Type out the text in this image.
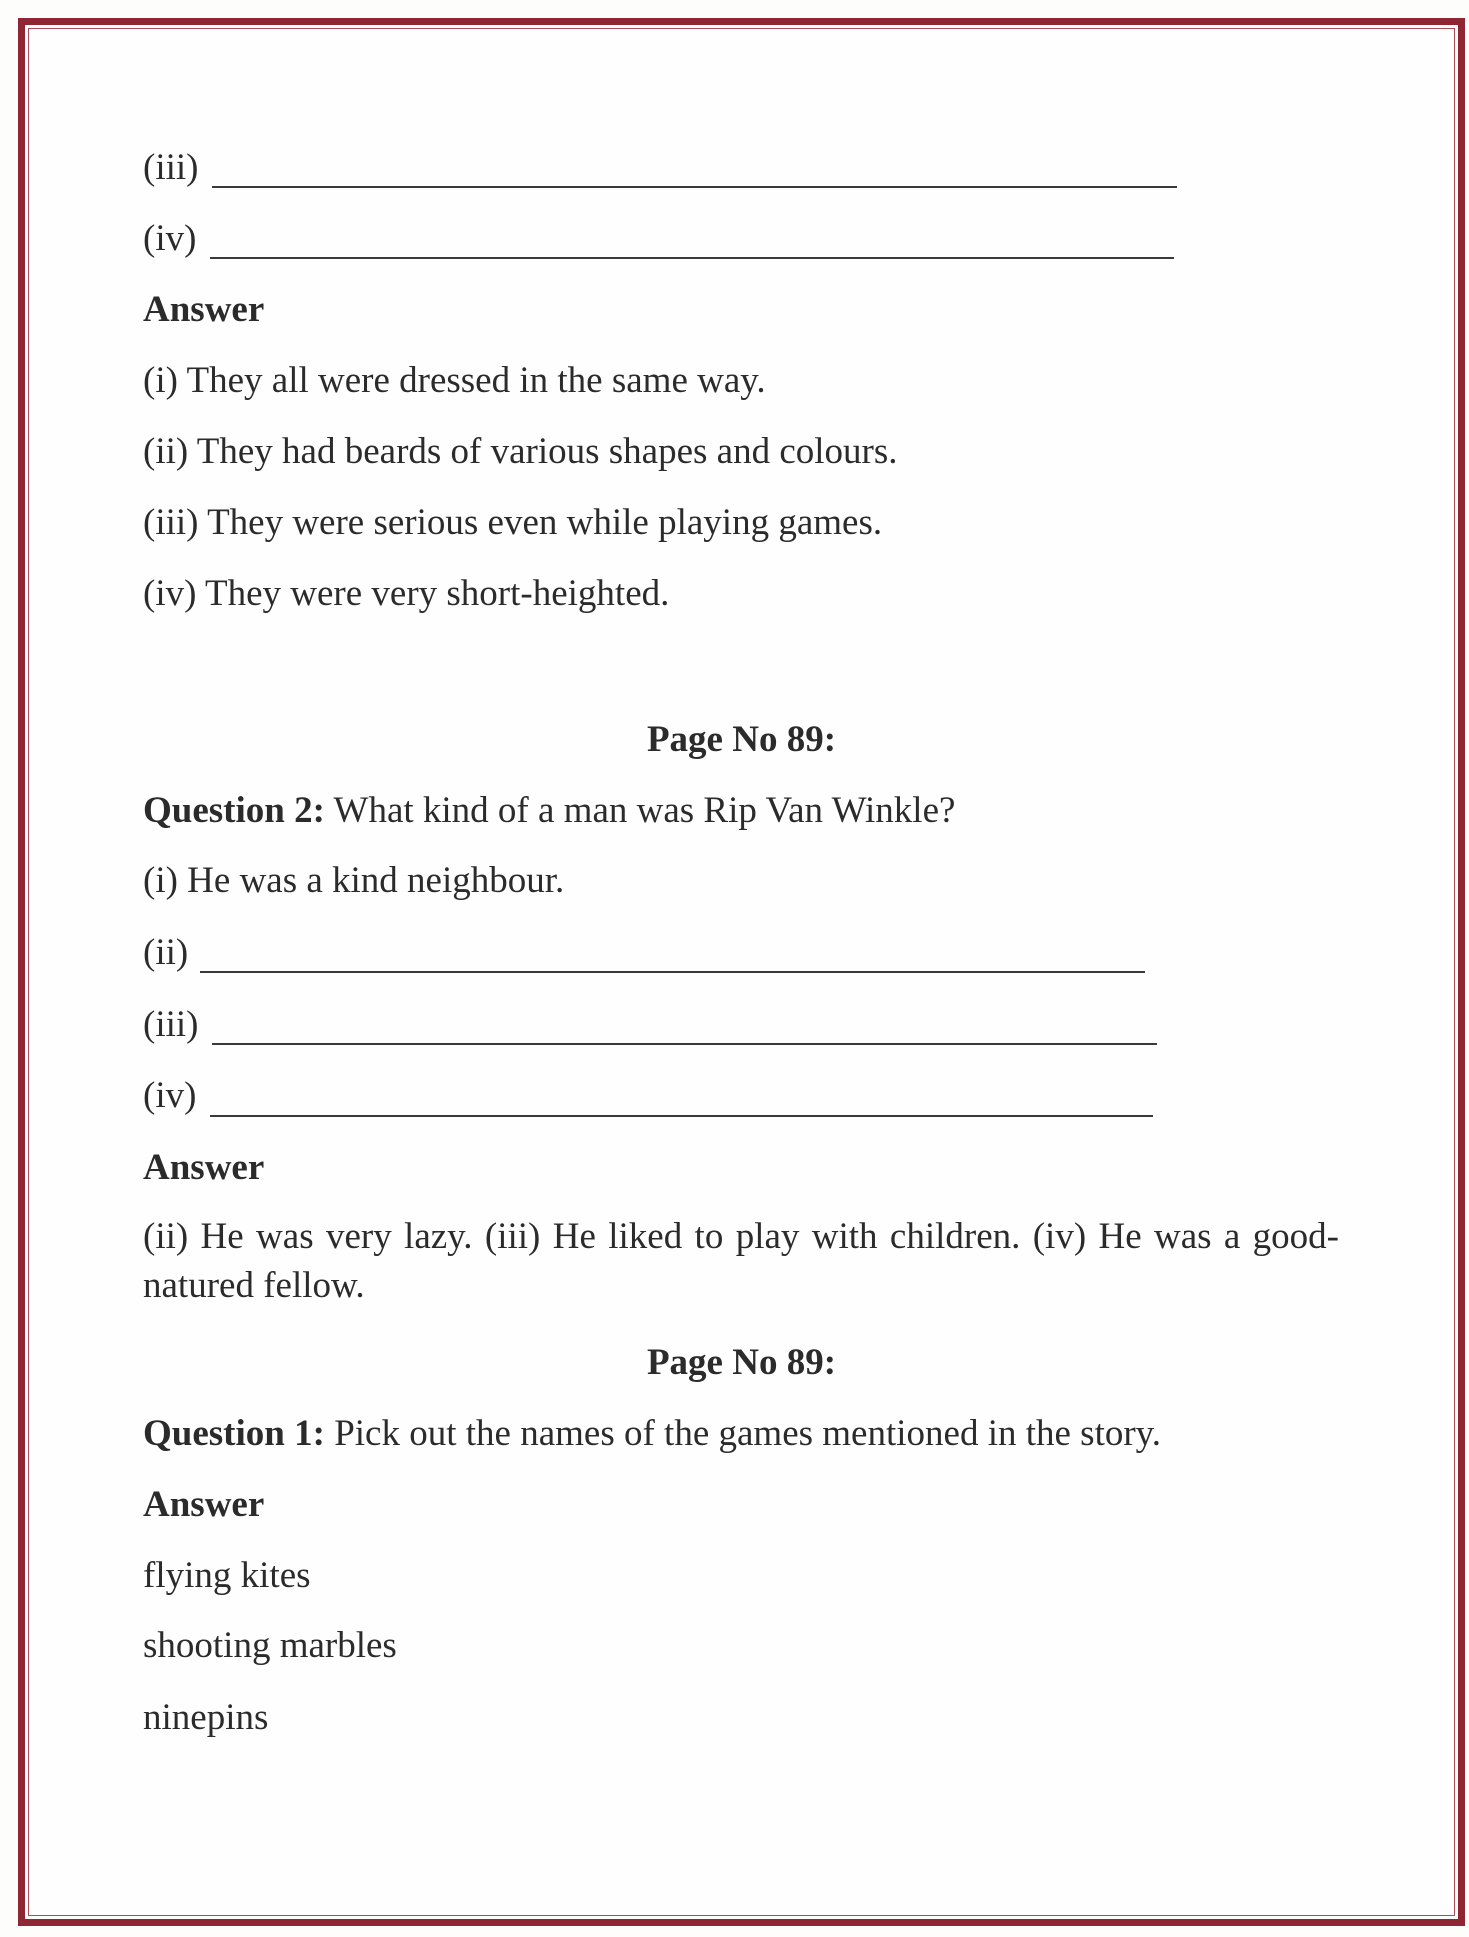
(iii)
(iv)
Answer
(i) They all were dressed in the same way.
(ii) They had beards of various shapes and colours.
(iii) They were serious even while playing games.
(iv) They were very short-heighted.
Page No 89:
Question 2: What kind of a man was Rip Van Winkle?
(i) He was a kind neighbour.
(ii)
(iii)
(iv)
Answer
(ii) He was very lazy. (iii) He liked to play with children. (iv) He was a good-natured fellow.
Page No 89:
Question 1: Pick out the names of the games mentioned in the story.
Answer
flying kites
shooting marbles
ninepins
